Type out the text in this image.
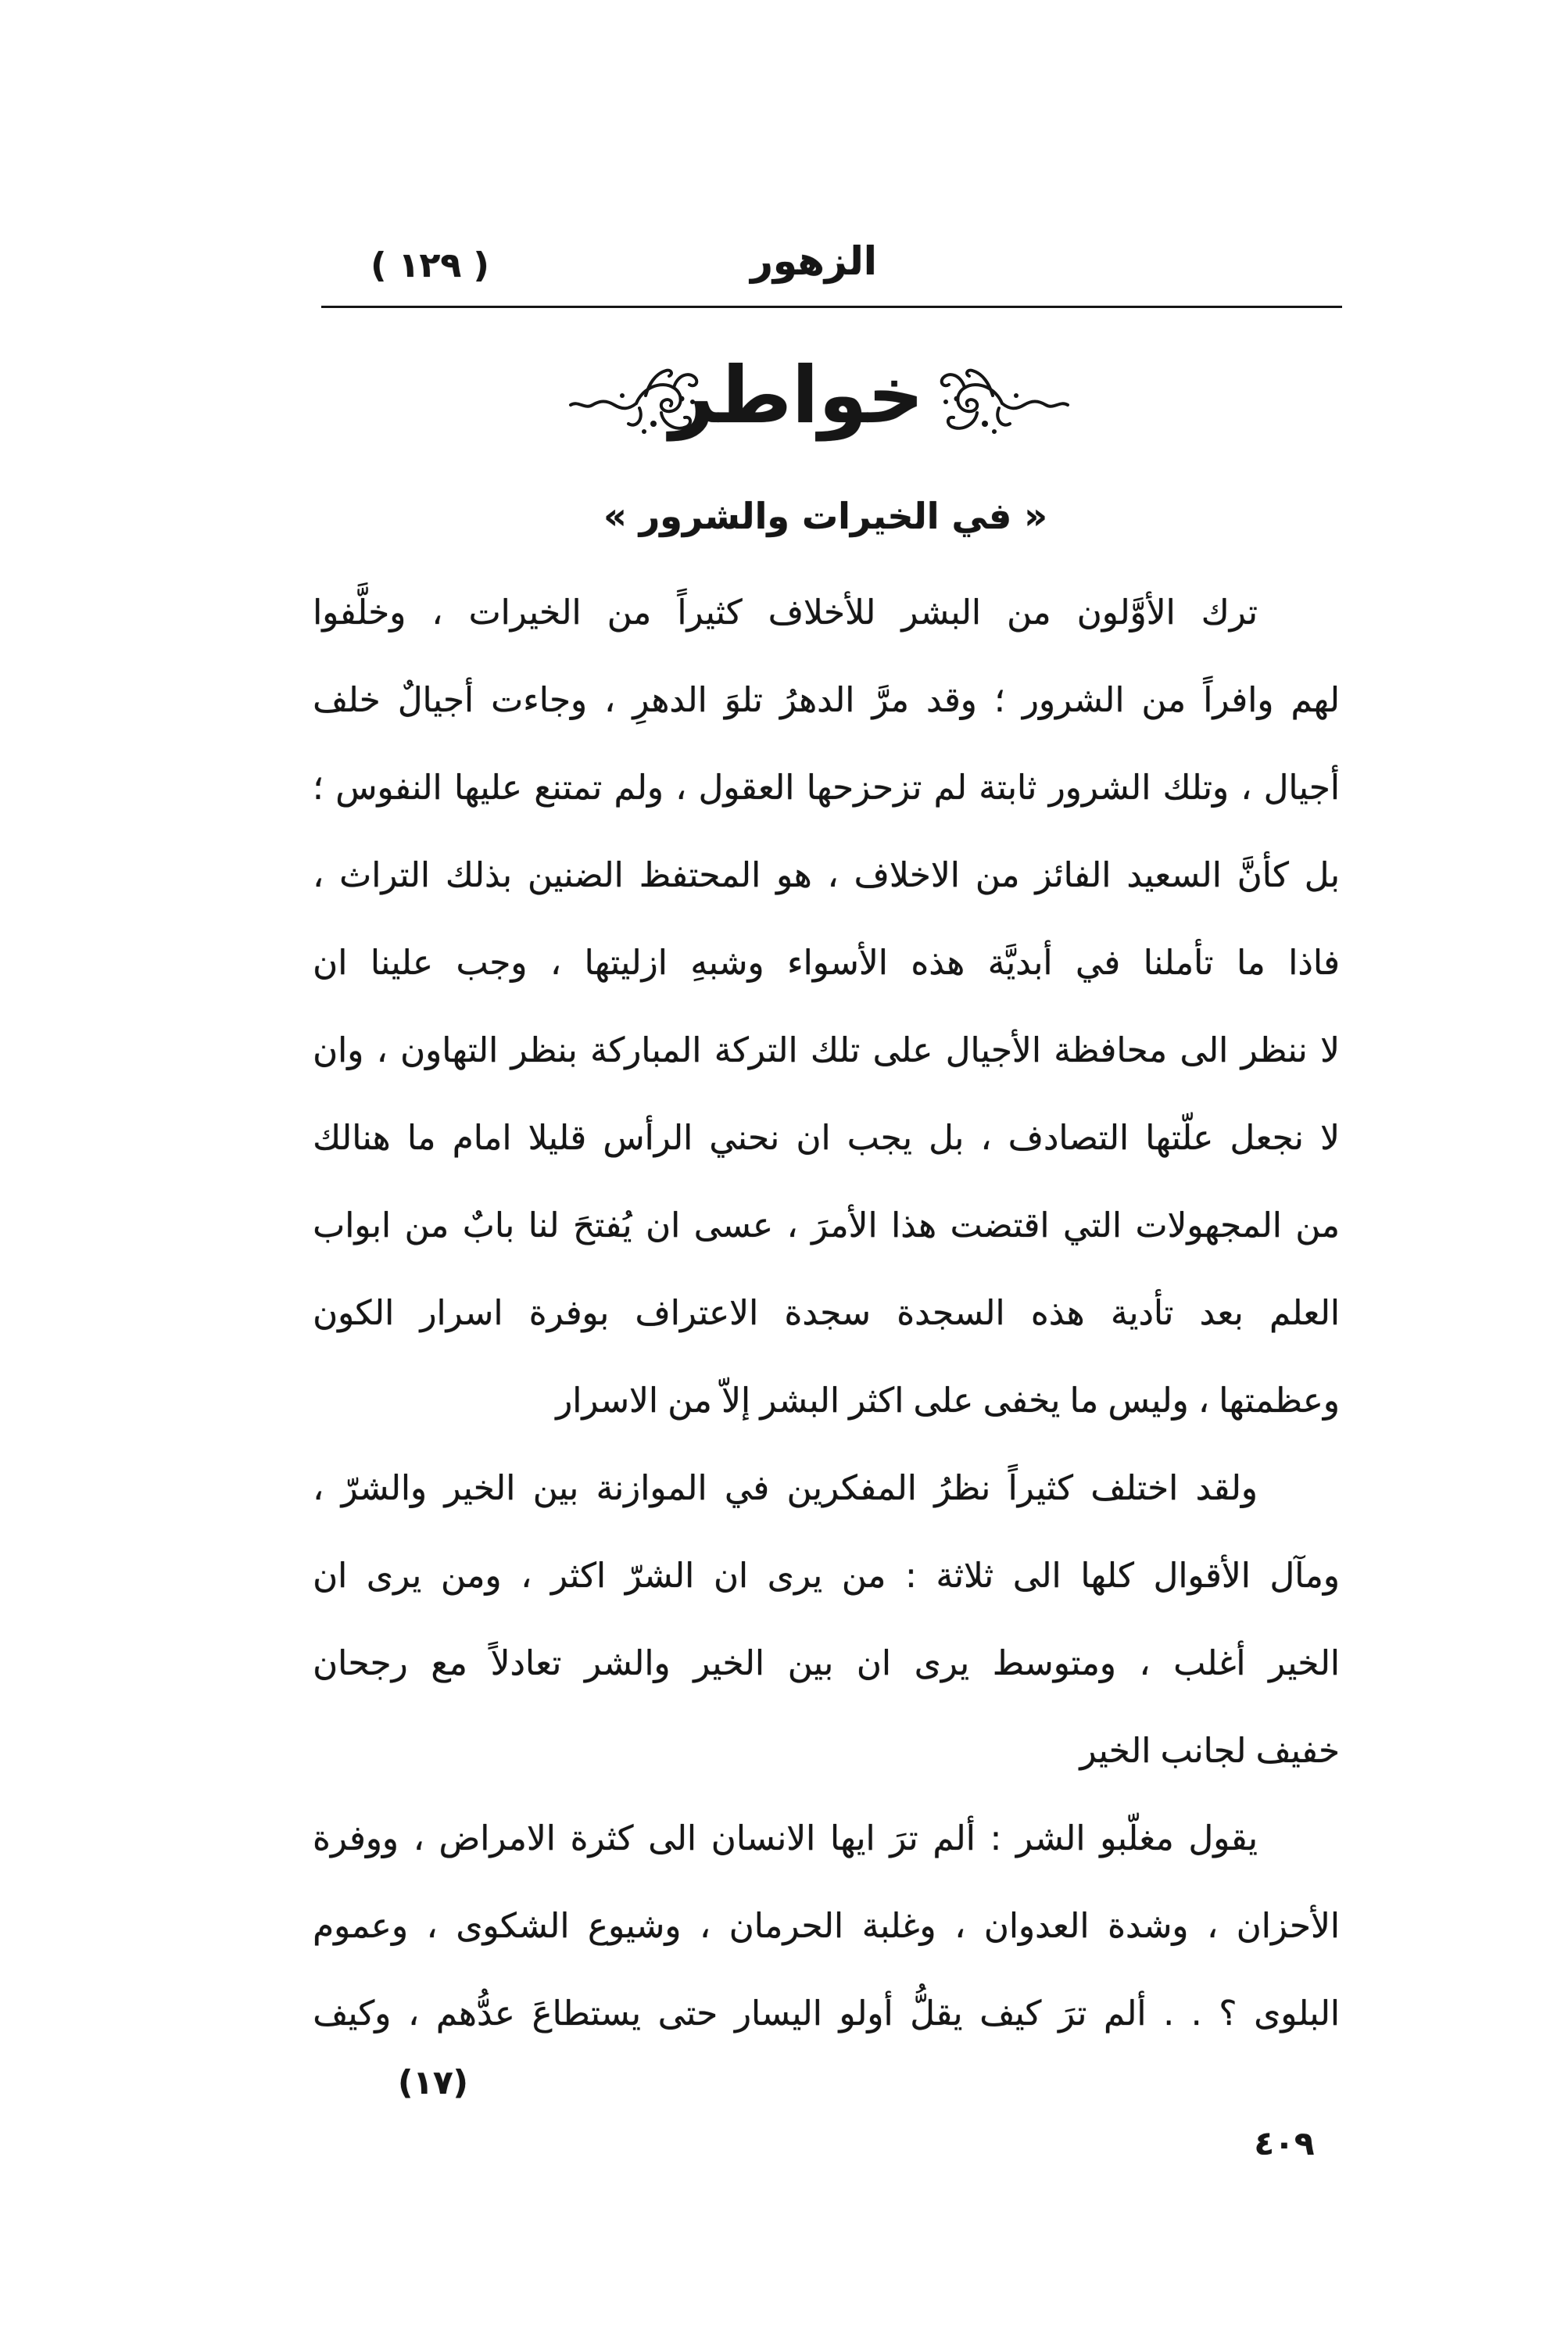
الزهور
( ١٢٩ )
خواطر
« في الخيرات والشرور »
ترك
الأوَّلون
من
البشر
للأخلاف
كثيراً
من
الخيرات
،
وخلَّفوا
لهم
وافراً
من
الشرور
؛
وقد
مرَّ
الدهرُ
تلوَ
الدهرِ
،
وجاءت
أجيالٌ
خلف
أجيال
،
وتلك
الشرور
ثابتة
لم
تزحزحها
العقول
،
ولم
تمتنع
عليها
النفوس
؛
بل
كأنَّ
السعيد
الفائز
من
الاخلاف
،
هو
المحتفظ
الضنين
بذلك
التراث
،
فاذا
ما
تأملنا
في
أبديَّة
هذه
الأسواء
وشبهِ
ازليتها
،
وجب
علينا
ان
لا
ننظر
الى
محافظة
الأجيال
على
تلك
التركة
المباركة
بنظر
التهاون
،
وان
لا
نجعل
علّتها
التصادف
،
بل
يجب
ان
نحني
الرأس
قليلا
امام
ما
هنالك
من
المجهولات
التي
اقتضت
هذا
الأمرَ
،
عسى
ان
يُفتحَ
لنا
بابٌ
من
ابواب
العلم
بعد
تأدية
هذه
السجدة
سجدة
الاعتراف
بوفرة
اسرار
الكون
وعظمتها
،
وليس
ما
يخفى
على
اكثر
البشر
إلاّ
من
الاسرار
ولقد
اختلف
كثيراً
نظرُ
المفكرين
في
الموازنة
بين
الخير
والشرّ
،
ومآل
الأقوال
كلها
الى
ثلاثة
:
من
يرى
ان
الشرّ
اكثر
،
ومن
يرى
ان
الخير
أغلب
،
ومتوسط
يرى
ان
بين
الخير
والشر
تعادلاً
مع
رجحان
خفيف
لجانب
الخير
يقول
مغلّبو
الشر
:
ألم
ترَ
ايها
الانسان
الى
كثرة
الامراض
،
ووفرة
الأحزان
،
وشدة
العدوان
،
وغلبة
الحرمان
،
وشيوع
الشكوى
،
وعموم
البلوى
؟
.
.
ألم
ترَ
كيف
يقلُّ
أولو
اليسار
حتى
يستطاعَ
عدُّهم
،
وكيف
(١٧)
٤٠٩
